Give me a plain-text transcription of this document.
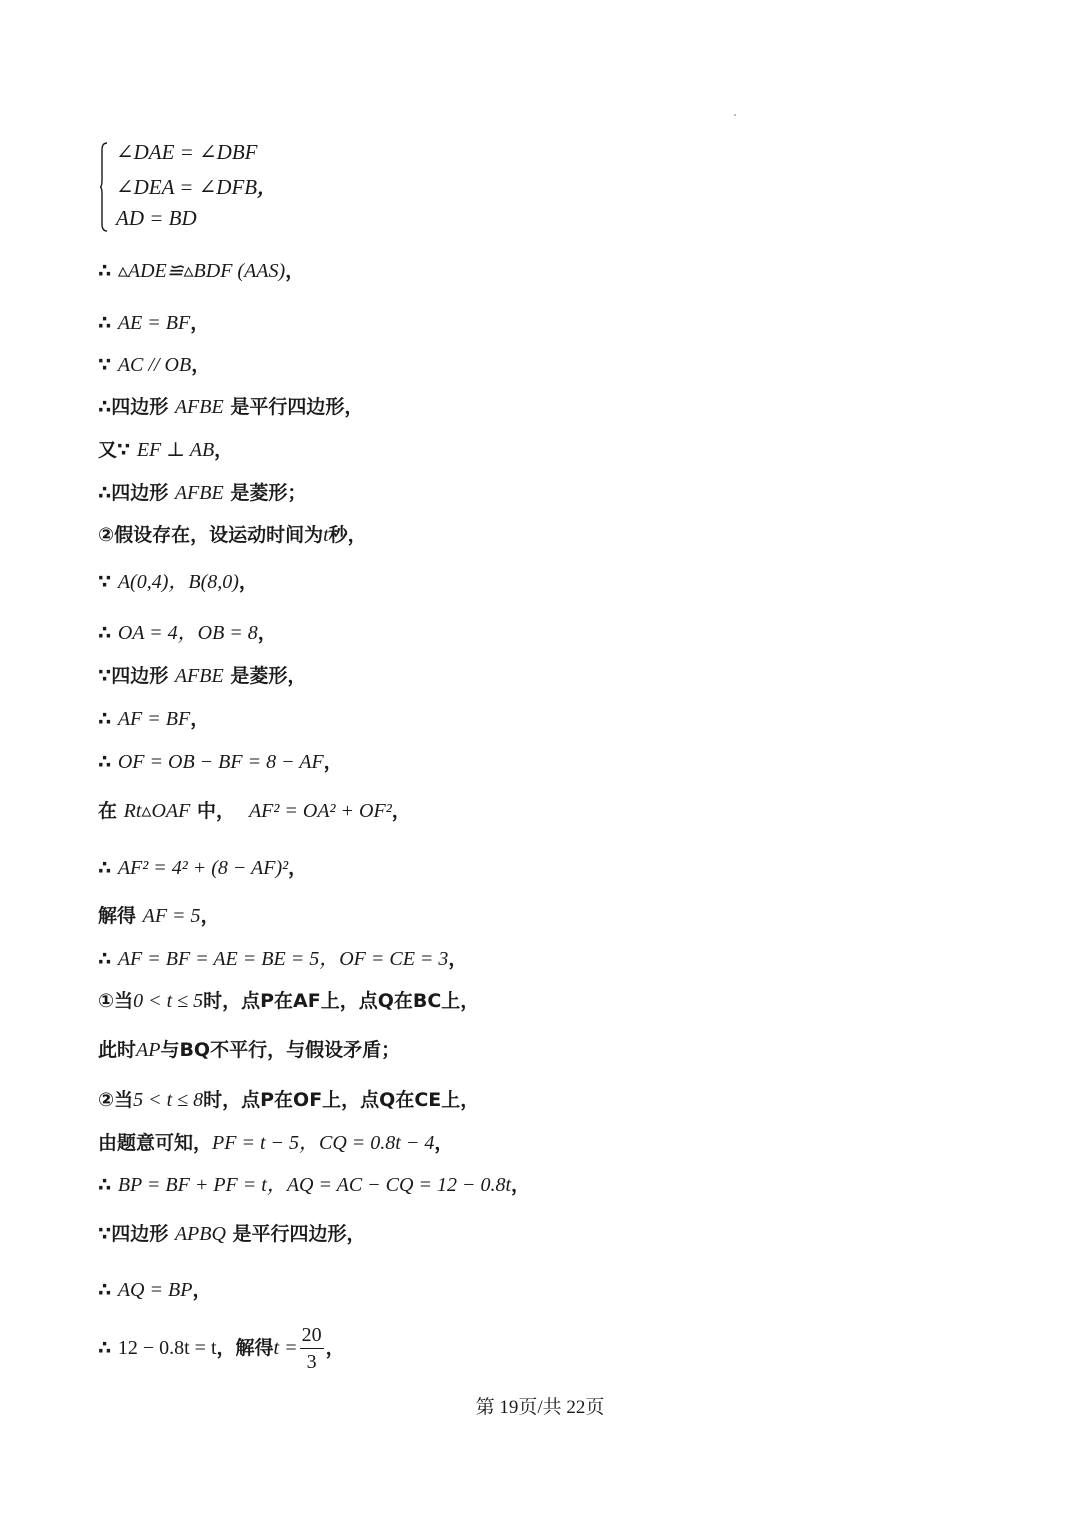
∠DAE = ∠DBF
∠DEA = ∠DFB，
AD = BD
∴ ▵ADE≌▵BDF (AAS)，
∴ AE = BF，
∵ AC // OB，
∴四边形 AFBE 是平行四边形，
又∵ EF ⊥ AB，
∴四边形 AFBE 是菱形；
②假设存在，设运动时间为t秒，
∵ A(0,4)，B(8,0)，
∴ OA = 4，OB = 8，
∵四边形 AFBE 是菱形，
∴ AF = BF，
∴ OF = OB − BF = 8 − AF，
在 Rt▵OAF 中， AF² = OA² + OF²，
∴ AF² = 4² + (8 − AF)²，
解得 AF = 5，
∴ AF = BF = AE = BE = 5，OF = CE = 3，
①当0 < t ≤ 5时，点P在AF上，点Q在BC上，
此时AP与BQ不平行，与假设矛盾；
②当5 < t ≤ 8时，点P在OF上，点Q在CE上，
由题意可知，PF = t − 5，CQ = 0.8t − 4，
∴ BP = BF + PF = t，AQ = AC − CQ = 12 − 0.8t，
∵四边形 APBQ 是平行四边形，
∴ AQ = BP，
∴ 12 − 0.8t = t，解得$t = \frac{20}{3}$ ，
第 19页/共 22页
